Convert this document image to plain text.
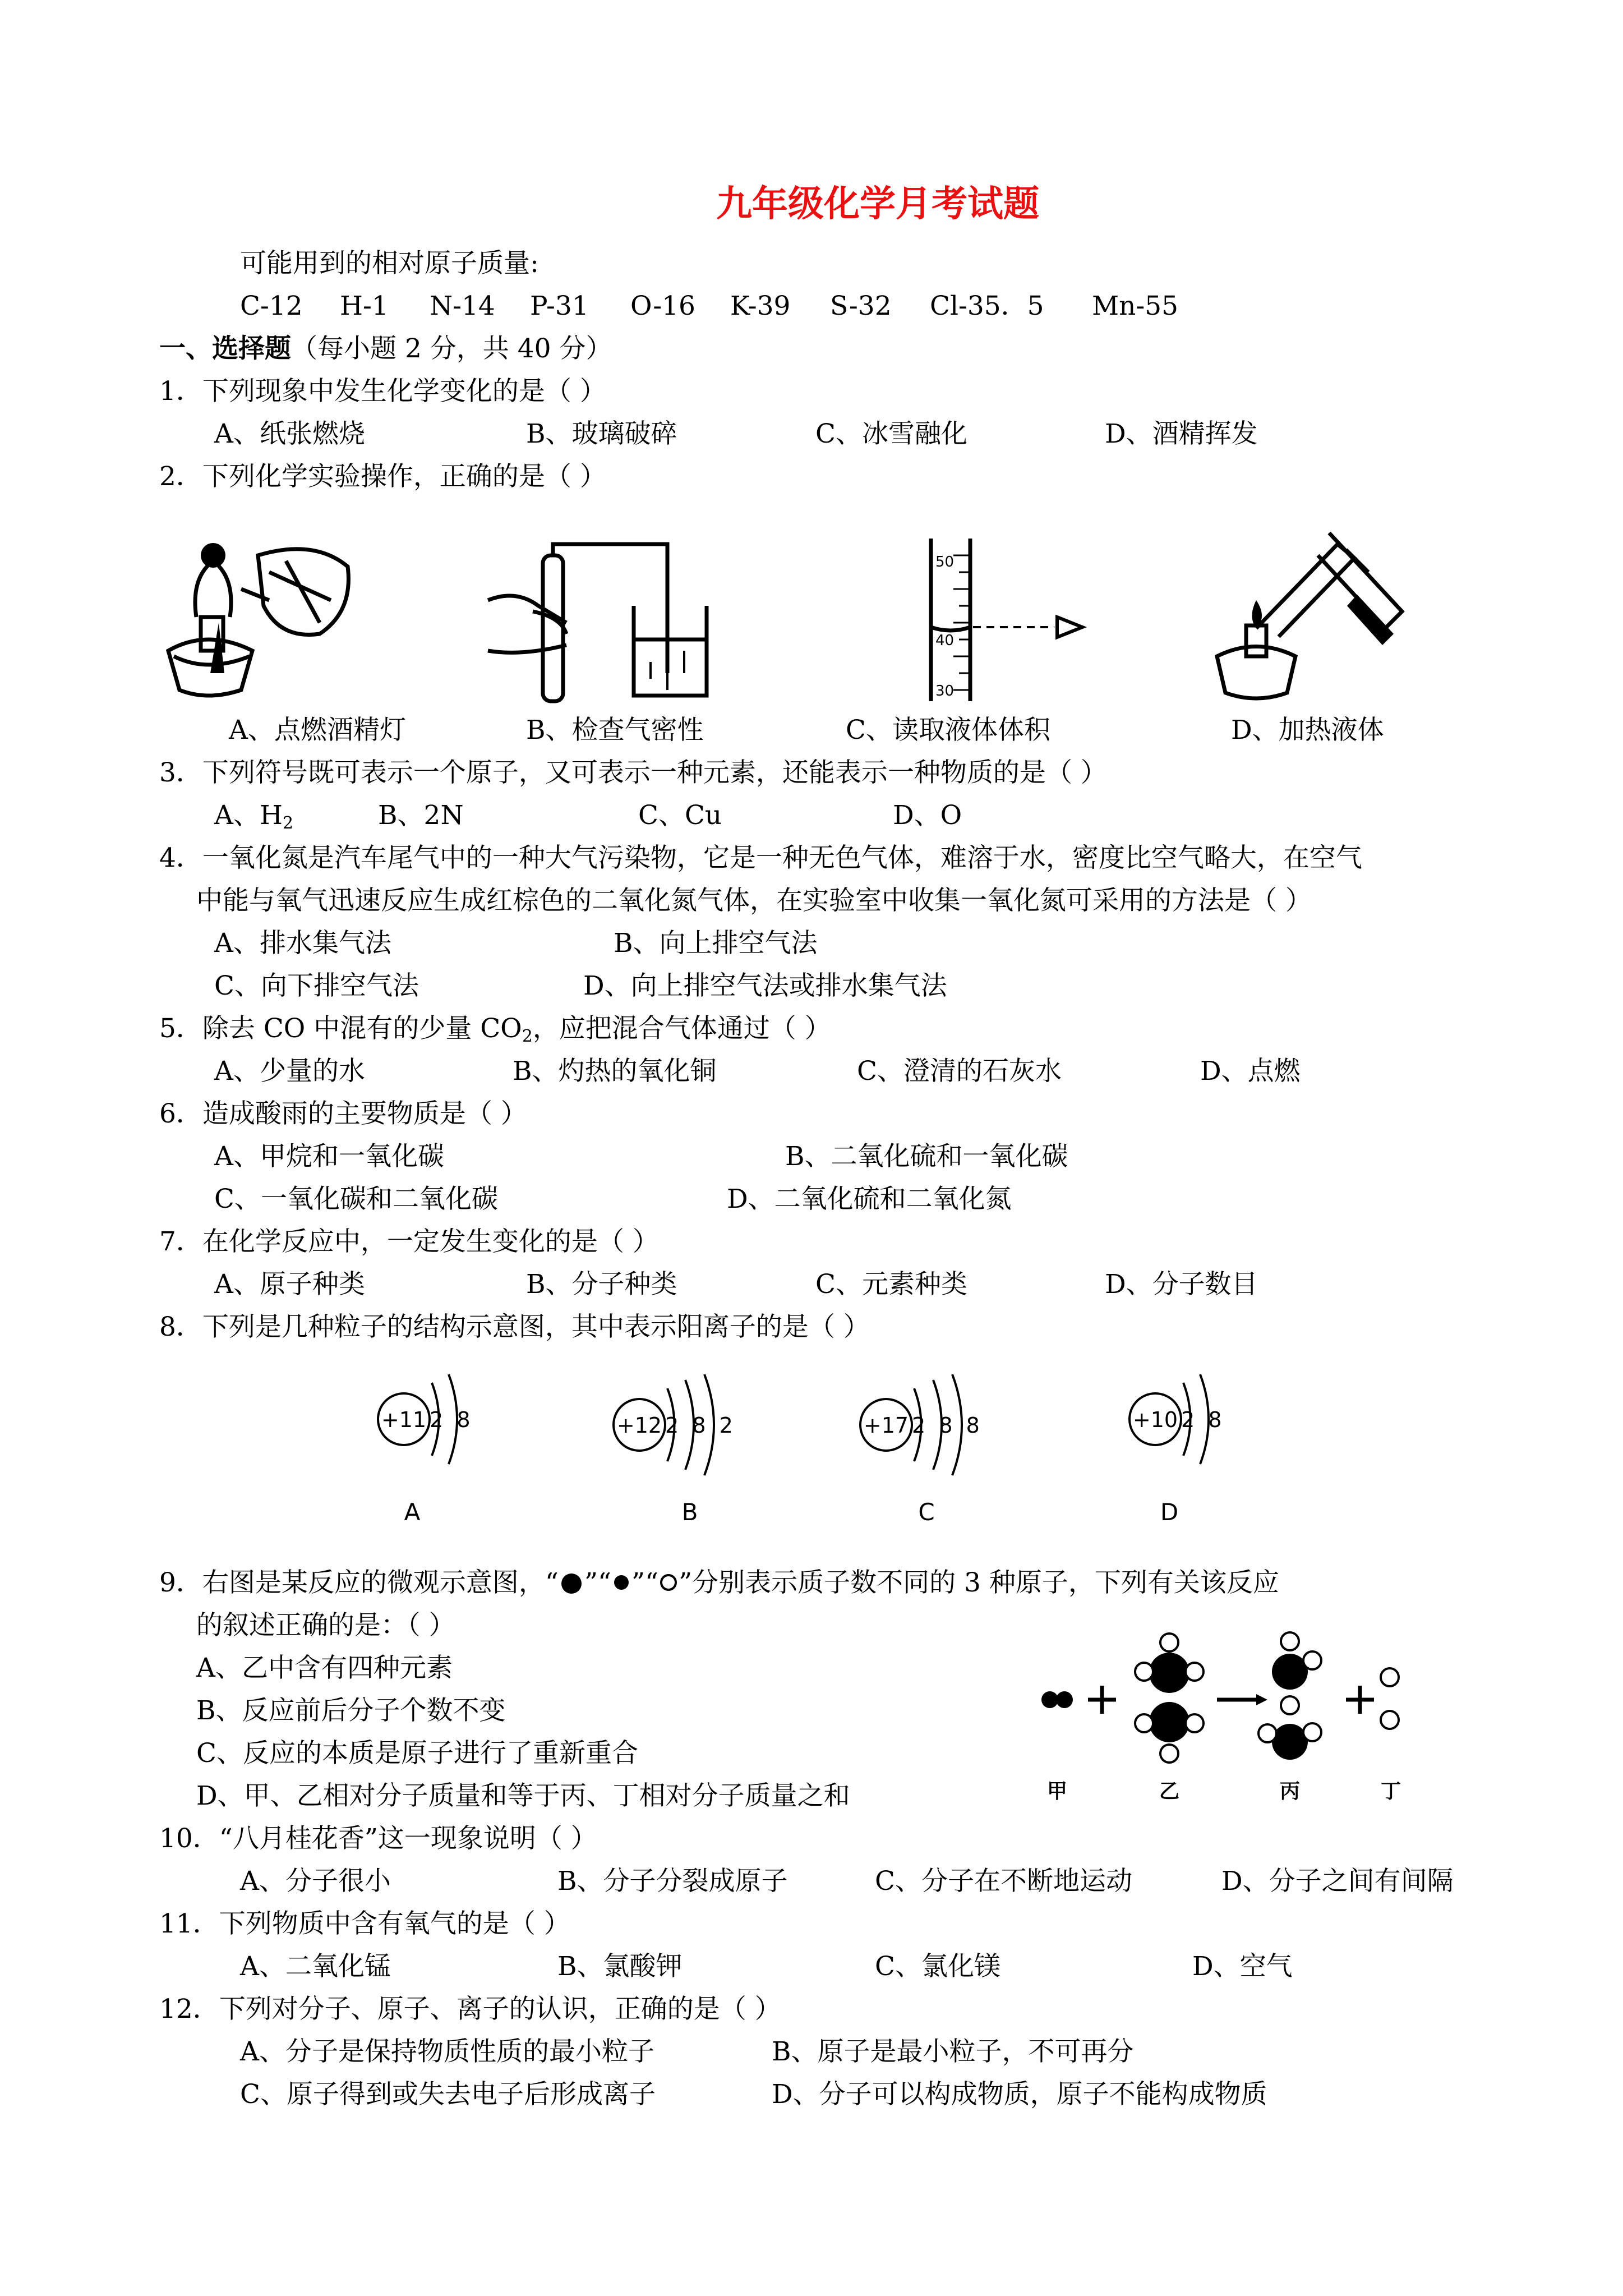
九年级化学月考试题
可能用到的相对原子质量:
C-12 H-1 N-14 P-31 O-16 K-39 S-32 Cl-35．5 Mn-55
一、选择题（每小题 2 分，共 40 分）
1．下列现象中发生化学变化的是（ ）
A、纸张燃烧	B、玻璃破碎	C、冰雪融化	D、酒精挥发
2．下列化学实验操作，正确的是（ ）
50
40
30
A、点燃酒精灯	B、检查气密性	C、读取液体体积	D、加热液体
3．下列符号既可表示一个原子，又可表示一种元素，还能表示一种物质的是（ ）
A、$H_2$	B、2N	C、Cu	D、O
4．一氧化氮是汽车尾气中的一种大气污染物，它是一种无色气体，难溶于水，密度比空气略大，在空气
中能与氧气迅速反应生成红棕色的二氧化氮气体，在实验室中收集一氧化氮可采用的方法是（ ）
A、排水集气法	B、向上排空气法
C、向下排空气法	D、向上排空气法或排水集气法
5．除去 CO 中混有的少量 $CO_2$，应把混合气体通过（ ）
A、少量的水	B、灼热的氧化铜	C、澄清的石灰水	D、点燃
6．造成酸雨的主要物质是（ ）
A、甲烷和一氧化碳	B、二氧化硫和一氧化碳
C、一氧化碳和二氧化碳	D、二氧化硫和二氧化氮
7．在化学反应中，一定发生变化的是（ ）
A、原子种类	B、分子种类	C、元素种类	D、分子数目
8．下列是几种粒子的结构示意图，其中表示阳离子的是（ ）
+11 2  8
A
+12 2  8  2
B
+17 2  8  8
C
+10 2  8
D
9．右图是某反应的微观示意图，“ ”“ ”“ ”分别表示质子数不同的 3 种原子，下列有关该反应
的叙述正确的是：（ ）
A、乙中含有四种元素
B、反应前后分子个数不变
C、反应的本质是原子进行了重新重合
D、甲、乙相对分子质量和等于丙、丁相对分子质量之和	甲	乙	丙	丁
10．“八月桂花香”这一现象说明（ ）
A、分子很小	B、分子分裂成原子	C、分子在不断地运动	D、分子之间有间隔
11．下列物质中含有氧气的是（ ）
A、二氧化锰	B、氯酸钾	C、氯化镁	D、空气
12．下列对分子、原子、离子的认识，正确的是（ ）
A、分子是保持物质性质的最小粒子	B、原子是最小粒子，不可再分
C、原子得到或失去电子后形成离子	D、分子可以构成物质，原子不能构成物质
